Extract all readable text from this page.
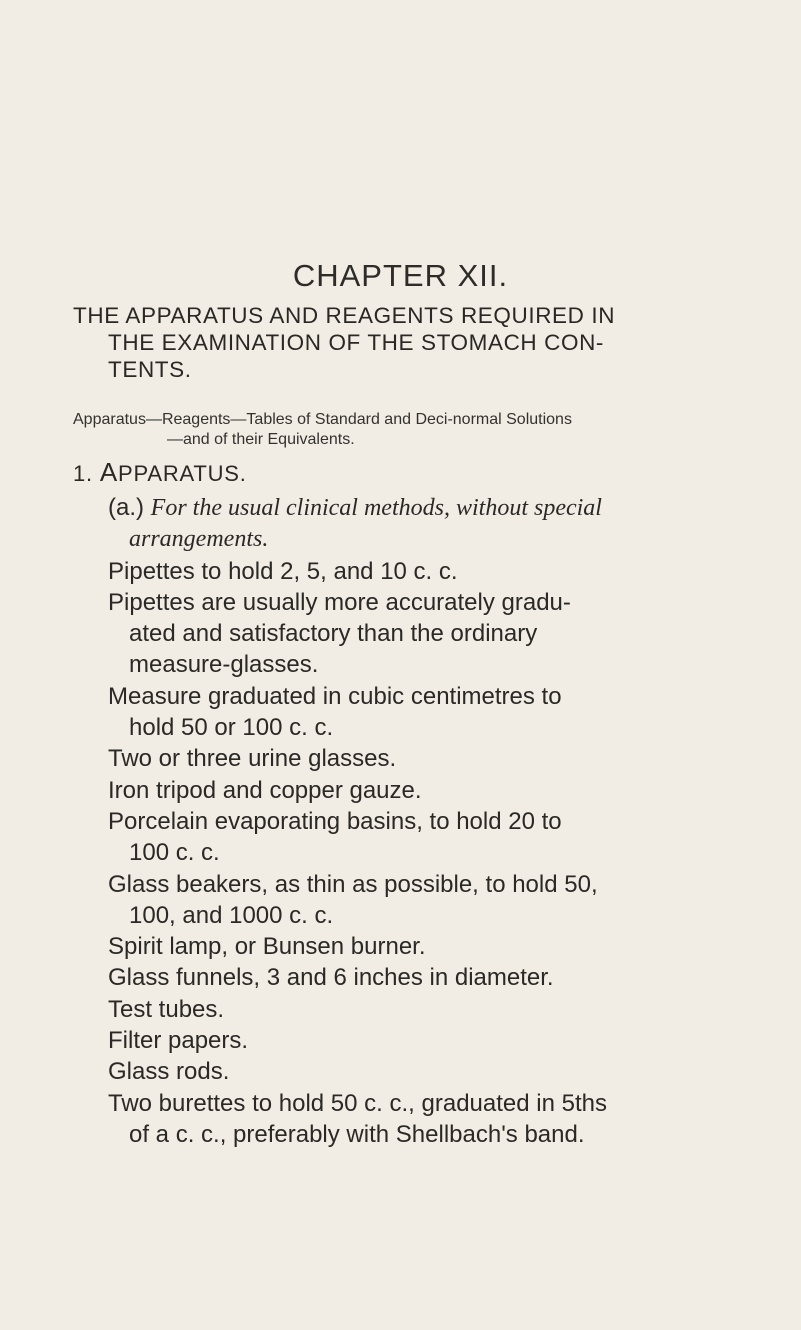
CHAPTER XII.
THE APPARATUS AND REAGENTS REQUIRED IN
THE EXAMINATION OF THE STOMACH CON-
TENTS.
Apparatus—Reagents—Tables of Standard and Deci-normal Solutions
—and of their Equivalents.
1. APPARATUS.
(a.) For the usual clinical methods, without special
arrangements.
Pipettes to hold 2, 5, and 10 c. c.
Pipettes are usually more accurately gradu-
ated and satisfactory than the ordinary
measure-glasses.
Measure graduated in cubic centimetres to
hold 50 or 100 c. c.
Two or three urine glasses.
Iron tripod and copper gauze.
Porcelain evaporating basins, to hold 20 to
100 c. c.
Glass beakers, as thin as possible, to hold 50,
100, and 1000 c. c.
Spirit lamp, or Bunsen burner.
Glass funnels, 3 and 6 inches in diameter.
Test tubes.
Filter papers.
Glass rods.
Two burettes to hold 50 c. c., graduated in 5ths
of a c. c., preferably with Shellbach's band.
